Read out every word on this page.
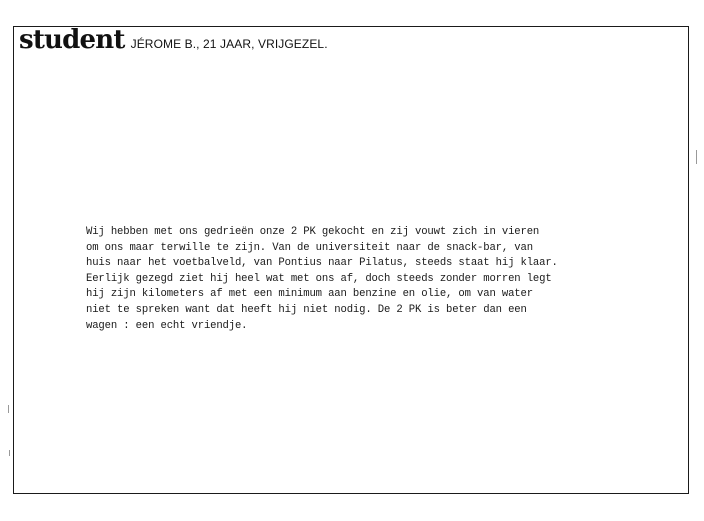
student JÉROME B., 21 JAAR, VRIJGEZEL.
Wij hebben met ons gedrieën onze 2 PK gekocht en zij vouwt zich in vieren
om ons maar terwille te zijn. Van de universiteit naar de snack-bar, van
huis naar het voetbalveld, van Pontius naar Pilatus, steeds staat hij klaar.
Eerlijk gezegd ziet hij heel wat met ons af, doch steeds zonder morren legt
hij zijn kilometers af met een minimum aan benzine en olie, om van water
niet te spreken want dat heeft hij niet nodig. De 2 PK is beter dan een
wagen : een echt vriendje.
